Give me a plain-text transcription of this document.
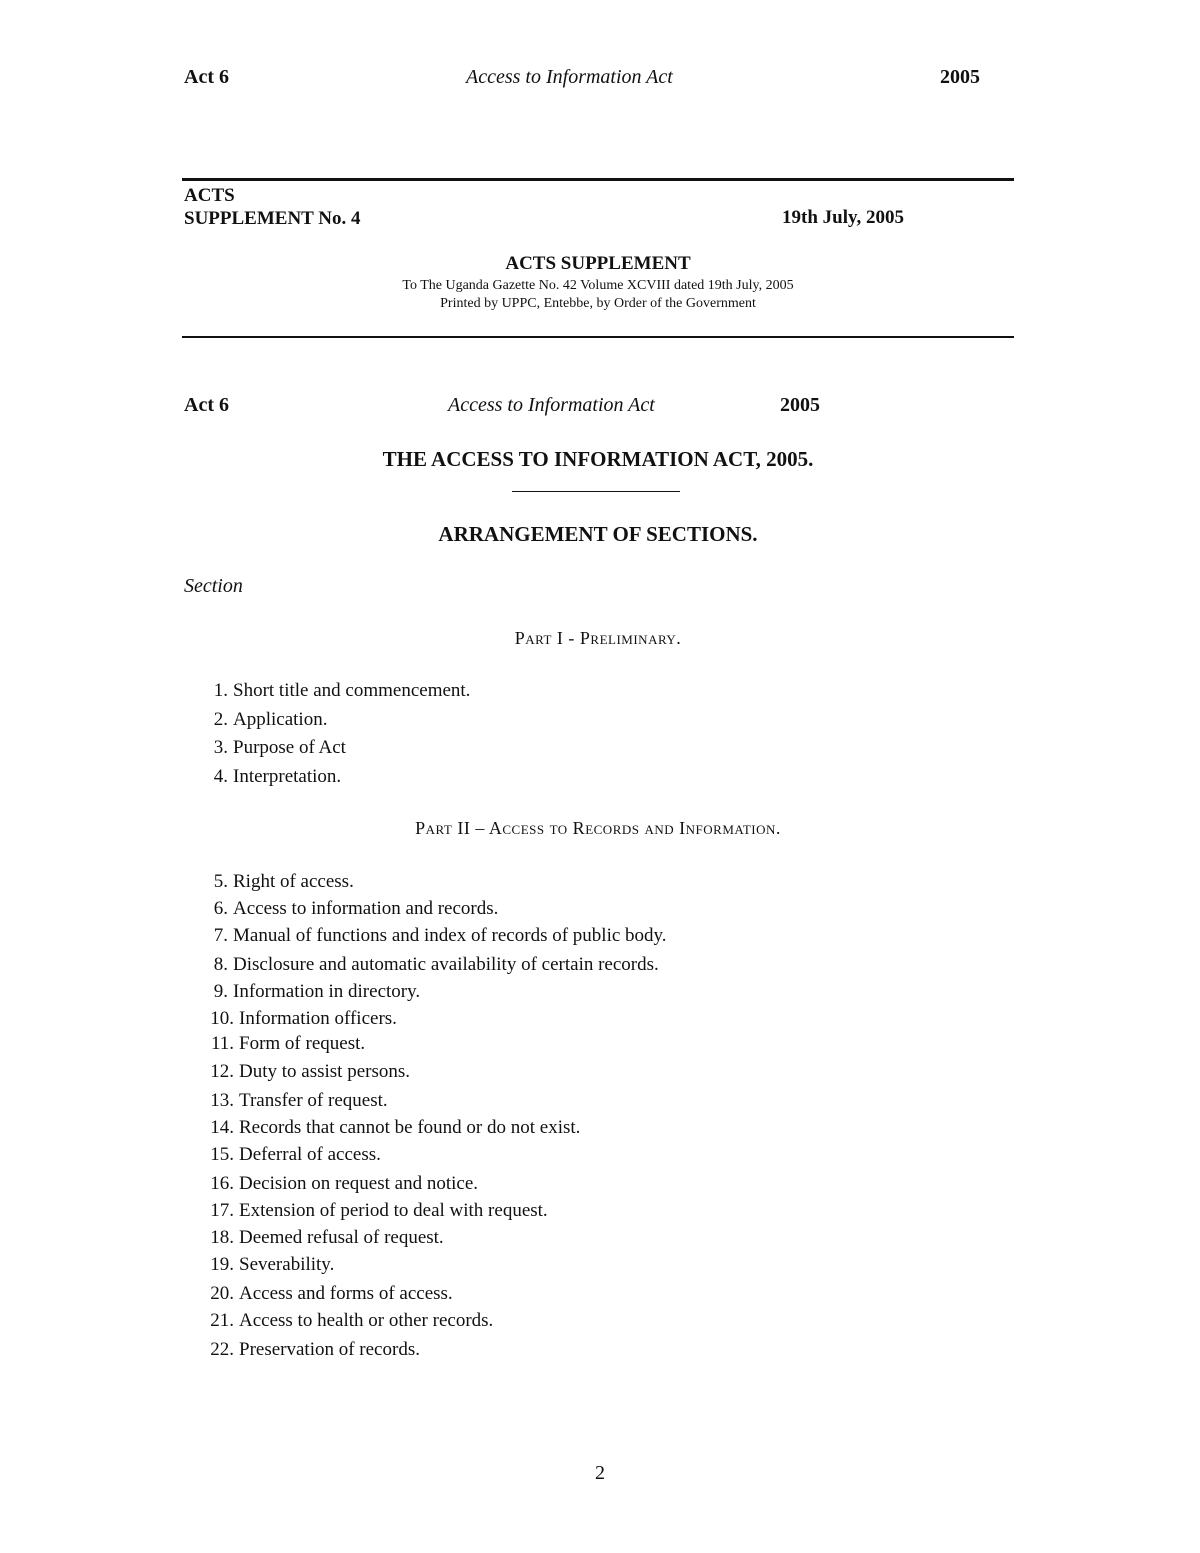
Act 6	Access to Information Act	2005
ACTS
SUPPLEMENT No. 4	19th July, 2005
ACTS SUPPLEMENT
To The Uganda Gazette No. 42 Volume XCVIII dated 19th July, 2005
Printed by UPPC, Entebbe, by Order of the Government
Act 6	Access to Information Act	2005
THE ACCESS TO INFORMATION ACT, 2005.
ARRANGEMENT OF SECTIONS.
Section
Part I - Preliminary.
1. Short title and commencement.
2. Application.
3. Purpose of Act
4. Interpretation.
Part II – Access to Records and Information.
5. Right of access.
6. Access to information and records.
7. Manual of functions and index of records of public body.
8. Disclosure and automatic availability of certain records.
9. Information in directory.
10. Information officers.
11. Form of request.
12. Duty to assist persons.
13. Transfer of request.
14. Records that cannot be found or do not exist.
15. Deferral of access.
16. Decision on request and notice.
17. Extension of period to deal with request.
18. Deemed refusal of request.
19. Severability.
20. Access and forms of access.
21. Access to health or other records.
22. Preservation of records.
2
